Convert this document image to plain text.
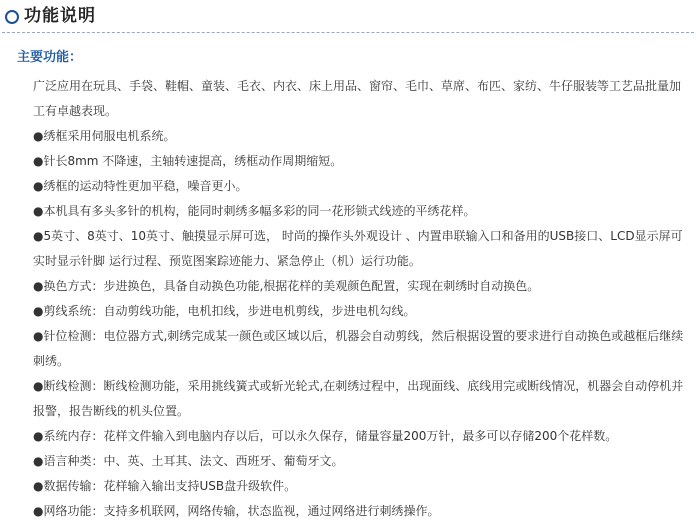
功能说明
主要功能：

广泛应用在玩具、手袋、鞋帽、童装、毛衣、内衣、床上用品、窗帘、毛巾、草席、布匹、家纺、牛仔服装等工艺品批量加工有卓越表现。

●绣框采用伺服电机系统。

●针长8mm 不降速，主轴转速提高，绣框动作周期缩短。

●绣框的运动特性更加平稳，噪音更小。

●本机具有多头多针的机构，能同时刺绣多幅多彩的同一花形锁式线迹的平绣花样。

●5英寸、8英寸、10英寸、触摸显示屏可选， 时尚的操作头外观设计 、内置串联输入口和备用的USB接口、LCD显示屏可实时显示针脚 运行过程、预览图案踪迹能力、紧急停止（机）运行功能。

●换色方式：步进换色，具备自动换色功能,根据花样的美观颜色配置，实现在刺绣时自动换色。

●剪线系统：自动剪线功能，电机扣线，步进电机剪线，步进电机勾线。

●针位检测：电位器方式,刺绣完成某一颜色或区域以后，机器会自动剪线，然后根据设置的要求进行自动换色或越框后继续刺绣。

●断线检测：断线检测功能，采用挑线簧式或斩光轮式,在刺绣过程中，出现面线、底线用完或断线情况，机器会自动停机并报警，报告断线的机头位置。

●系统内存：花样文件输入到电脑内存以后，可以永久保存，储量容量200万针，最多可以存储200个花样数。

●语言种类：中、英、土耳其、法文、西班牙、葡萄牙文。

●数据传输：花样输入输出支持USB盘升级软件。

●网络功能：支持多机联网，网络传输，状态监视，通过网络进行刺绣操作。
